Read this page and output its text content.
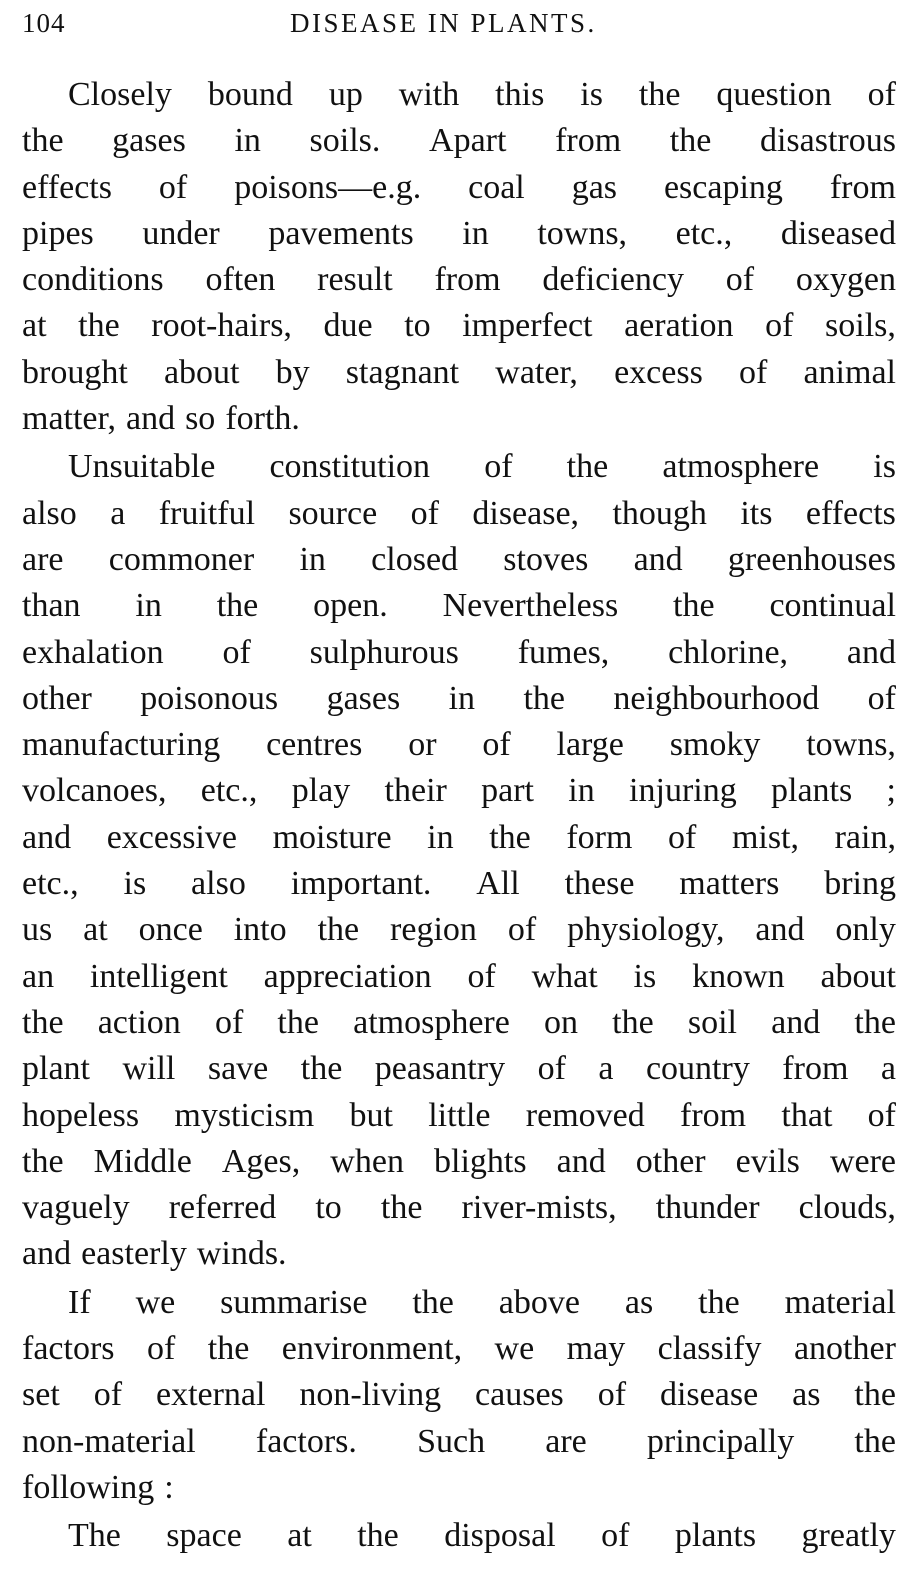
104	DISEASE IN PLANTS.
Closely bound up with this is the question of
the gases in soils. Apart from the disastrous
effects of poisons—e.g. coal gas escaping from
pipes under pavements in towns, etc., diseased
conditions often result from deficiency of oxygen
at the root-hairs, due to imperfect aeration of soils,
brought about by stagnant water, excess of animal
matter, and so forth.
Unsuitable constitution of the atmosphere is
also a fruitful source of disease, though its effects
are commoner in closed stoves and greenhouses
than in the open. Nevertheless the continual
exhalation of sulphurous fumes, chlorine, and
other poisonous gases in the neighbourhood of
manufacturing centres or of large smoky towns,
volcanoes, etc., play their part in injuring plants ;
and excessive moisture in the form of mist, rain,
etc., is also important. All these matters bring
us at once into the region of physiology, and only
an intelligent appreciation of what is known about
the action of the atmosphere on the soil and the
plant will save the peasantry of a country from a
hopeless mysticism but little removed from that of
the Middle Ages, when blights and other evils were
vaguely referred to the river-mists, thunder clouds,
and easterly winds.
If we summarise the above as the material
factors of the environment, we may classify another
set of external non-living causes of disease as the
non-material factors. Such are principally the
following :
The space at the disposal of plants greatly
